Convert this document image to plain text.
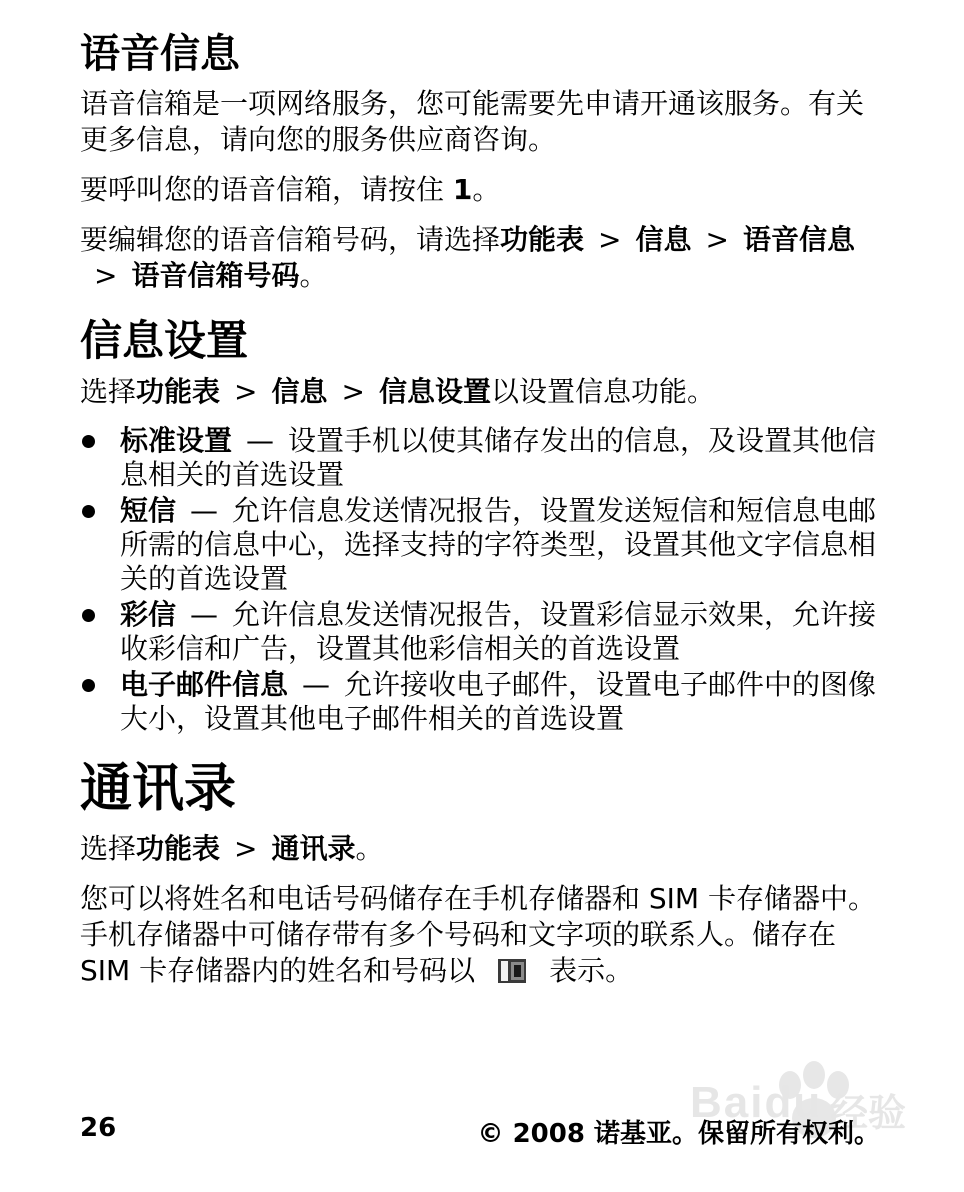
语音信息

语音信箱是一项网络服务，您可能需要先申请开通该服务。有关更多信息，请向您的服务供应商咨询。

要呼叫您的语音信箱，请按住 1。

要编辑您的语音信箱号码，请选择功能表 > 信息 > 语音信息> 语音信箱号码。

信息设置

选择功能表 > 信息 > 信息设置以设置信息功能。

标准设置 — 设置手机以使其储存发出的信息，及设置其他信息相关的首选设置
短信 — 允许信息发送情况报告，设置发送短信和短信息电邮所需的信息中心，选择支持的字符类型，设置其他文字信息相关的首选设置
彩信 — 允许信息发送情况报告，设置彩信显示效果，允许接收彩信和广告，设置其他彩信相关的首选设置
电子邮件信息 — 允许接收电子邮件，设置电子邮件中的图像大小，设置其他电子邮件相关的首选设置
通讯录

选择功能表 > 通讯录。

您可以将姓名和电话号码储存在手机存储器和 SIM 卡存储器中。手机存储器中可储存带有多个号码和文字项的联系人。储存在 SIM 卡存储器内的姓名和号码以	表示。

Baidu 经验
26	© 2008 诺基亚。保留所有权利。
